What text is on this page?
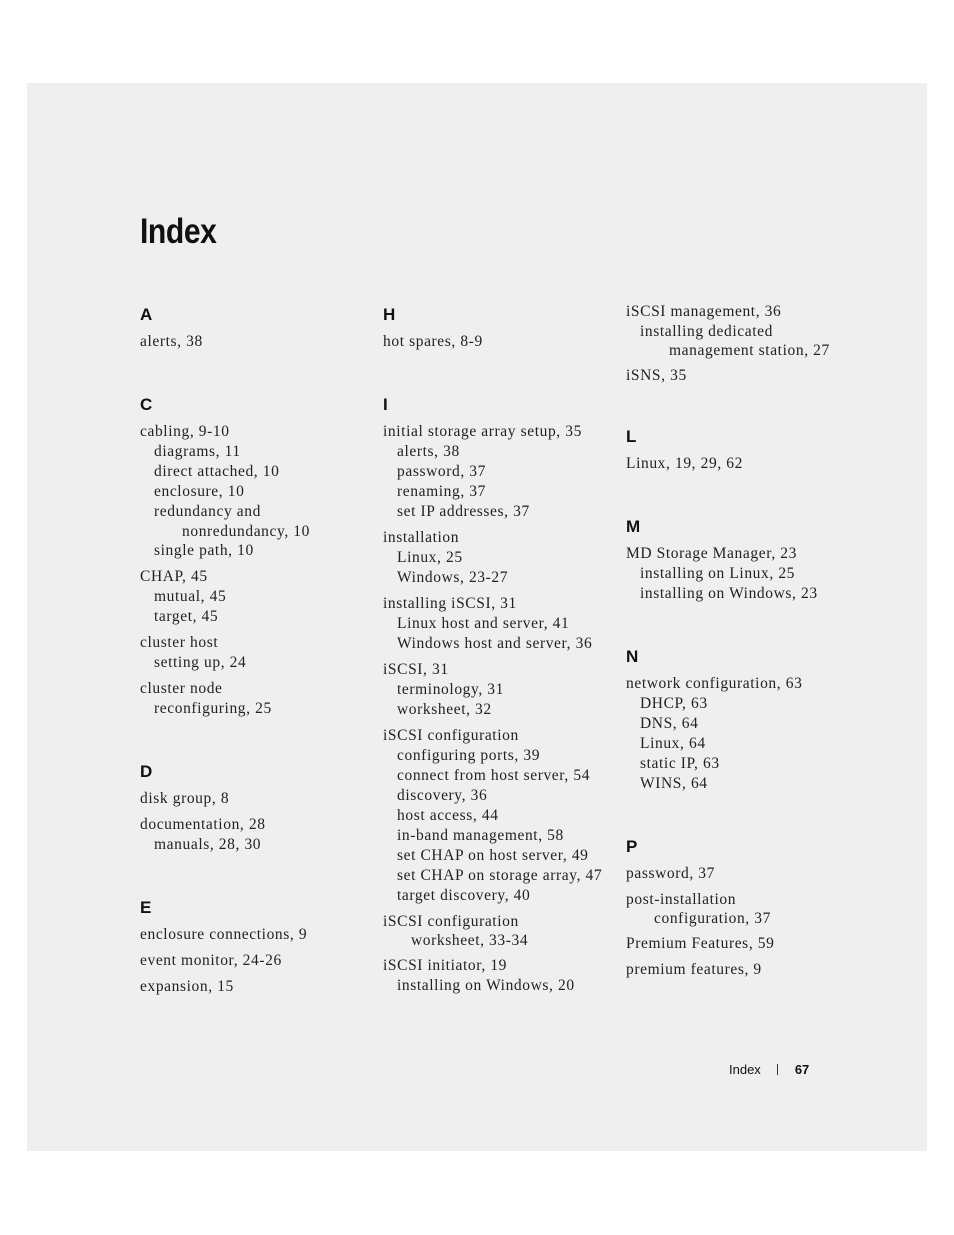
Index
A
alerts, 38
C
cabling, 9-10
diagrams, 11
direct attached, 10
enclosure, 10
redundancy and
nonredundancy, 10
single path, 10
CHAP, 45
mutual, 45
target, 45
cluster host
setting up, 24
cluster node
reconfiguring, 25
D
disk group, 8
documentation, 28
manuals, 28, 30
E
enclosure connections, 9
event monitor, 24-26
expansion, 15
H
hot spares, 8-9
I
initial storage array setup, 35
alerts, 38
password, 37
renaming, 37
set IP addresses, 37
installation
Linux, 25
Windows, 23-27
installing iSCSI, 31
Linux host and server, 41
Windows host and server, 36
iSCSI, 31
terminology, 31
worksheet, 32
iSCSI configuration
configuring ports, 39
connect from host server, 54
discovery, 36
host access, 44
in-band management, 58
set CHAP on host server, 49
set CHAP on storage array, 47
target discovery, 40
iSCSI configuration
worksheet, 33-34
iSCSI initiator, 19
installing on Windows, 20
iSCSI management, 36
installing dedicated
management station, 27
iSNS, 35
L
Linux, 19, 29, 62
M
MD Storage Manager, 23
installing on Linux, 25
installing on Windows, 23
N
network configuration, 63
DHCP, 63
DNS, 64
Linux, 64
static IP, 63
WINS, 64
P
password, 37
post-installation
configuration, 37
Premium Features, 59
premium features, 9
Index	67
